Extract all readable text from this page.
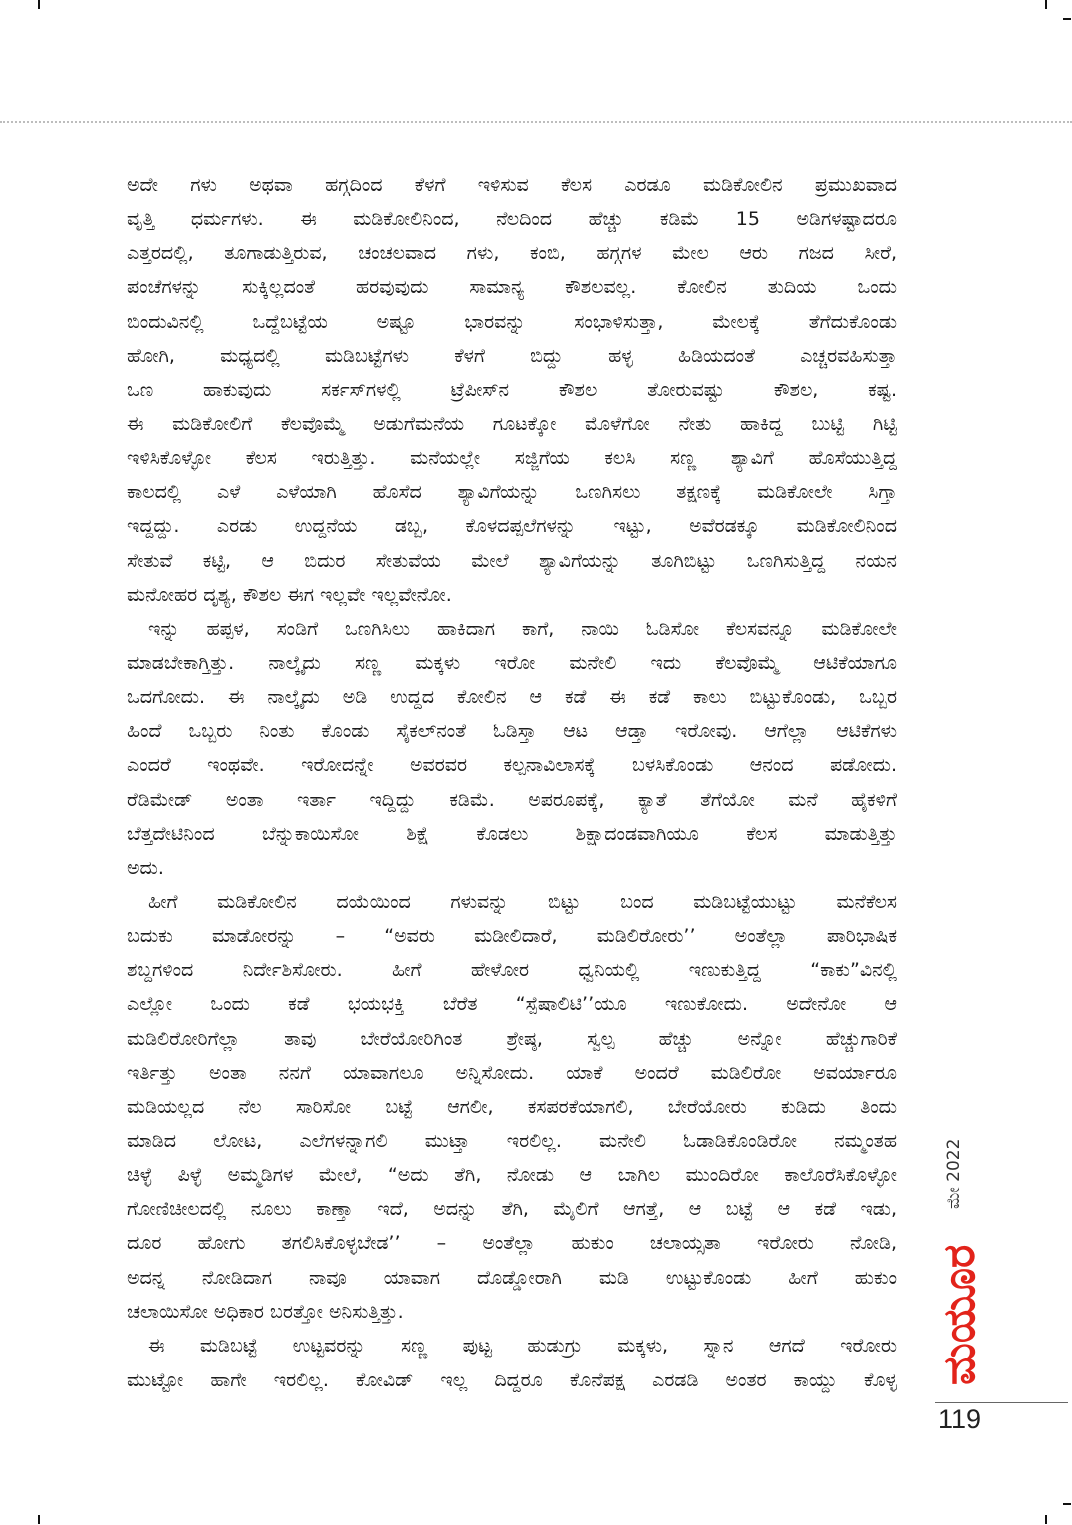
ಅದೇ ಗಳು ಅಥವಾ ಹಗ್ಗದಿಂದ ಕೆಳಗೆ ಇಳಿಸುವ ಕೆಲಸ ಎರಡೂ ಮಡಿಕೋಲಿನ ಪ್ರಮುಖವಾದ
ವೃತ್ತಿ ಧರ್ಮಗಳು. ಈ ಮಡಿಕೋಲಿನಿಂದ, ನೆಲದಿಂದ ಹೆಚ್ಚು ಕಡಿಮೆ 15 ಅಡಿಗಳಷ್ಟಾದರೂ
ಎತ್ತರದಲ್ಲಿ, ತೂಗಾಡುತ್ತಿರುವ, ಚಂಚಲವಾದ ಗಳು, ಕಂಬಿ, ಹಗ್ಗಗಳ ಮೇಲ ಆರು ಗಜದ ಸೀರೆ,
ಪಂಚೆಗಳನ್ನು ಸುಕ್ಕಿಲ್ಲದಂತೆ ಹರವುವುದು ಸಾಮಾನ್ಯ ಕೌಶಲವಲ್ಲ. ಕೋಲಿನ ತುದಿಯ ಒಂದು
ಬಿಂದುವಿನಲ್ಲಿ ಒದ್ದೆಬಟ್ಟೆಯ ಅಷ್ಟೂ ಭಾರವನ್ನು ಸಂಭಾಳಿಸುತ್ತಾ, ಮೇಲಕ್ಕೆ ತೆಗೆದುಕೊಂಡು
ಹೋಗಿ, ಮಧ್ಯದಲ್ಲಿ ಮಡಿಬಟ್ಟೆಗಳು ಕೆಳಗೆ ಬಿದ್ದು ಹಳ್ಳ ಹಿಡಿಯದಂತೆ ಎಚ್ಚರವಹಿಸುತ್ತಾ
ಒಣ ಹಾಕುವುದು ಸರ್ಕಸ್‌ಗಳಲ್ಲಿ ಟ್ರೆಪೀಸ್‌ನ ಕೌಶಲ ತೋರುವಷ್ಟು ಕೌಶಲ, ಕಷ್ಟ.
ಈ ಮಡಿಕೋಲಿಗೆ ಕೆಲವೊಮ್ಮೆ ಅಡುಗೆಮನೆಯ ಗೂಟಕ್ಕೋ ಮೊಳೆಗೋ ನೇತು ಹಾಕಿದ್ದ ಬುಟ್ಟಿ ಗಿಟ್ಟಿ
ಇಳಿಸಿಕೊಳ್ಳೋ ಕೆಲಸ ಇರುತ್ತಿತ್ತು. ಮನೆಯಲ್ಲೇ ಸಜ್ಜಿಗೆಯ ಕಲಸಿ ಸಣ್ಣ ಶ್ಯಾವಿಗೆ ಹೊಸೆಯುತ್ತಿದ್ದ
ಕಾಲದಲ್ಲಿ ಎಳೆ ಎಳೆಯಾಗಿ ಹೊಸೆದ ಶ್ಯಾವಿಗೆಯನ್ನು ಒಣಗಿಸಲು ತಕ್ಷಣಕ್ಕೆ ಮಡಿಕೋಲೇ ಸಿಗ್ತಾ
ಇದ್ದದ್ದು. ಎರಡು ಉದ್ದನೆಯ ಡಬ್ಬ, ಕೊಳದಪ್ಪಲೆಗಳನ್ನು ಇಟ್ಟು, ಅವೆರಡಕ್ಕೂ ಮಡಿಕೋಲಿನಿಂದ
ಸೇತುವೆ ಕಟ್ಟಿ, ಆ ಬಿದುರ ಸೇತುವೆಯ ಮೇಲೆ ಶ್ಯಾವಿಗೆಯನ್ನು ತೂಗಿಬಿಟ್ಟು ಒಣಗಿಸುತ್ತಿದ್ದ ನಯನ
ಮನೋಹರ ದೃಶ್ಯ, ಕೌಶಲ ಈಗ ಇಲ್ಲವೇ ಇಲ್ಲವೇನೋ.
ಇನ್ನು ಹಪ್ಪಳ, ಸಂಡಿಗೆ ಒಣಗಿಸಿಲು ಹಾಕಿದಾಗ ಕಾಗೆ, ನಾಯಿ ಓಡಿಸೋ ಕೆಲಸವನ್ನೂ ಮಡಿಕೋಲೇ
ಮಾಡಬೇಕಾಗ್ತಿತ್ತು. ನಾಲ್ಕೈದು ಸಣ್ಣ ಮಕ್ಕಳು ಇರೋ ಮನೇಲಿ ಇದು ಕೆಲವೊಮ್ಮೆ ಆಟಿಕೆಯಾಗೂ
ಒದಗೋದು. ಈ ನಾಲ್ಕೈದು ಅಡಿ ಉದ್ದದ ಕೋಲಿನ ಆ ಕಡೆ ಈ ಕಡೆ ಕಾಲು ಬಿಟ್ಟುಕೊಂಡು, ಒಬ್ಬರ
ಹಿಂದೆ ಒಬ್ಬರು ನಿಂತು ಕೊಂಡು ಸೈಕಲ್‌ನಂತೆ ಓಡಿಸ್ತಾ ಆಟ ಆಡ್ತಾ ಇರೋವು. ಆಗೆಲ್ಲಾ ಆಟಿಕೆಗಳು
ಎಂದರೆ ಇಂಥವೇ. ಇರೋದನ್ನೇ ಅವರವರ ಕಲ್ಪನಾವಿಲಾಸಕ್ಕೆ ಬಳಸಿಕೊಂಡು ಆನಂದ ಪಡೋದು.
ರೆಡಿಮೇಡ್ ಅಂತಾ ಇರ್ತಾ ಇದ್ದಿದ್ದು ಕಡಿಮೆ. ಅಪರೂಪಕ್ಕೆ, ಕ್ಯಾತೆ ತೆಗೆಯೋ ಮನೆ ಹೈಕಳಿಗೆ
ಬೆತ್ತದೇಟಿನಿಂದ ಬೆನ್ನುಕಾಯಿಸೋ ಶಿಕ್ಷೆ ಕೊಡಲು ಶಿಕ್ಷಾದಂಡವಾಗಿಯೂ ಕೆಲಸ ಮಾಡುತ್ತಿತ್ತು
ಅದು.
ಹೀಗೆ ಮಡಿಕೋಲಿನ ದಯೆಯಿಂದ ಗಳುವನ್ನು ಬಿಟ್ಟು ಬಂದ ಮಡಿಬಟ್ಟೆಯುಟ್ಟು ಮನೆಕೆಲಸ
ಬದುಕು ಮಾಡೋರನ್ನು – “ಅವರು ಮಡೀಲಿದಾರೆ, ಮಡಿಲಿರೋರು’’ ಅಂತೆಲ್ಲಾ ಪಾರಿಭಾಷಿಕ
ಶಬ್ದಗಳಿಂದ ನಿರ್ದೇಶಿಸೋರು. ಹೀಗೆ ಹೇಳೋರ ಧ್ವನಿಯಲ್ಲಿ ಇಣುಕುತ್ತಿದ್ದ “ಕಾಕು”ವಿನಲ್ಲಿ
ಎಲ್ಲೋ ಒಂದು ಕಡೆ ಭಯಭಕ್ತಿ ಬೆರೆತ “ಸ್ಪೆಷಾಲಿಟಿ’’ಯೂ ಇಣುಕೋದು. ಅದೇನೋ ಆ
ಮಡಿಲಿರೋರಿಗೆಲ್ಲಾ ತಾವು ಬೇರೆಯೋರಿಗಿಂತ ಶ್ರೇಷ್ಠ, ಸ್ವಲ್ಪ ಹೆಚ್ಚು ಅನ್ನೋ ಹೆಚ್ಚುಗಾರಿಕೆ
ಇರ್ತಿತ್ತು ಅಂತಾ ನನಗೆ ಯಾವಾಗಲೂ ಅನ್ನಿಸೋದು. ಯಾಕೆ ಅಂದರೆ ಮಡಿಲಿರೋ ಅವರ್ಯಾರೂ
ಮಡಿಯಲ್ಲದ ನೆಲ ಸಾರಿಸೋ ಬಟ್ಟೆ ಆಗಲೀ, ಕಸಪರಕೆಯಾಗಲಿ, ಬೇರೆಯೋರು ಕುಡಿದು ತಿಂದು
ಮಾಡಿದ ಲೋಟ, ಎಲೆಗಳನ್ನಾಗಲಿ ಮುಟ್ತಾ ಇರಲಿಲ್ಲ. ಮನೇಲಿ ಓಡಾಡಿಕೊಂಡಿರೋ ನಮ್ಮಂತಹ
ಚಿಳ್ಳೆ ಪಿಳ್ಳೆ ಅಮ್ಮಡಿಗಳ ಮೇಲೆ, “ಅದು ತೆಗಿ, ನೋಡು ಆ ಬಾಗಿಲ ಮುಂದಿರೋ ಕಾಲೊರೆಸಿಕೊಳ್ಳೋ
ಗೋಣಿಚೀಲದಲ್ಲಿ ನೂಲು ಕಾಣ್ತಾ ಇದೆ, ಅದನ್ನು ತೆಗಿ, ಮೈಲಿಗೆ ಆಗತ್ತೆ, ಆ ಬಟ್ಟೆ ಆ ಕಡೆ ಇಡು,
ದೂರ ಹೋಗು ತಗಲಿಸಿಕೊಳ್ಳಬೇಡ’’ – ಅಂತೆಲ್ಲಾ ಹುಕುಂ ಚಲಾಯ್ಸತಾ ಇರೋರು ನೋಡಿ,
ಅದನ್ನ ನೋಡಿದಾಗ ನಾವೂ ಯಾವಾಗ ದೊಡ್ಡೋರಾಗಿ ಮಡಿ ಉಟ್ಟುಕೊಂಡು ಹೀಗೆ ಹುಕುಂ
ಚಲಾಯಿಸೋ ಅಧಿಕಾರ ಬರತ್ತೋ ಅನಿಸುತ್ತಿತ್ತು.
ಈ ಮಡಿಬಟ್ಟೆ ಉಟ್ಟವರನ್ನು ಸಣ್ಣ ಪುಟ್ಟ ಹುಡುಗ್ರು ಮಕ್ಕಳು, ಸ್ನಾನ ಆಗದೆ ಇರೋರು
ಮುಟ್ಟೋ ಹಾಗೇ ಇರಲಿಲ್ಲ. ಕೋವಿಡ್ ಇಲ್ಲ ದಿದ್ದರೂ ಕೊನೆಪಕ್ಷ ಎರಡಡಿ ಅಂತರ ಕಾಯ್ದು ಕೊಳ್ಳ
ಮೇ 2022
ಮಯೂರ
119
